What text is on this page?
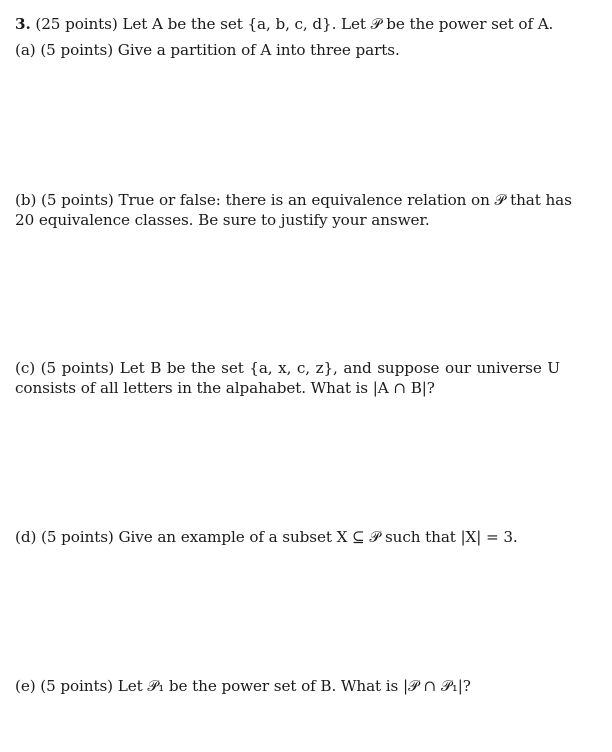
3. (25 points) Let A be the set {a, b, c, d}. Let 𝒫 be the power set of A.

(a) (5 points) Give a partition of A into three parts.

(b) (5 points) True or false: there is an equivalence relation on 𝒫 that has

20 equivalence classes. Be sure to justify your answer.

(c) (5 points) Let B be the set {a, x, c, z}, and suppose our universe U

consists of all letters in the alpahabet. What is |A ∩ B|?

(d) (5 points) Give an example of a subset X ⊆ 𝒫 such that |X| = 3.

(e) (5 points) Let 𝒫₁ be the power set of B. What is |𝒫 ∩ 𝒫₁|?
